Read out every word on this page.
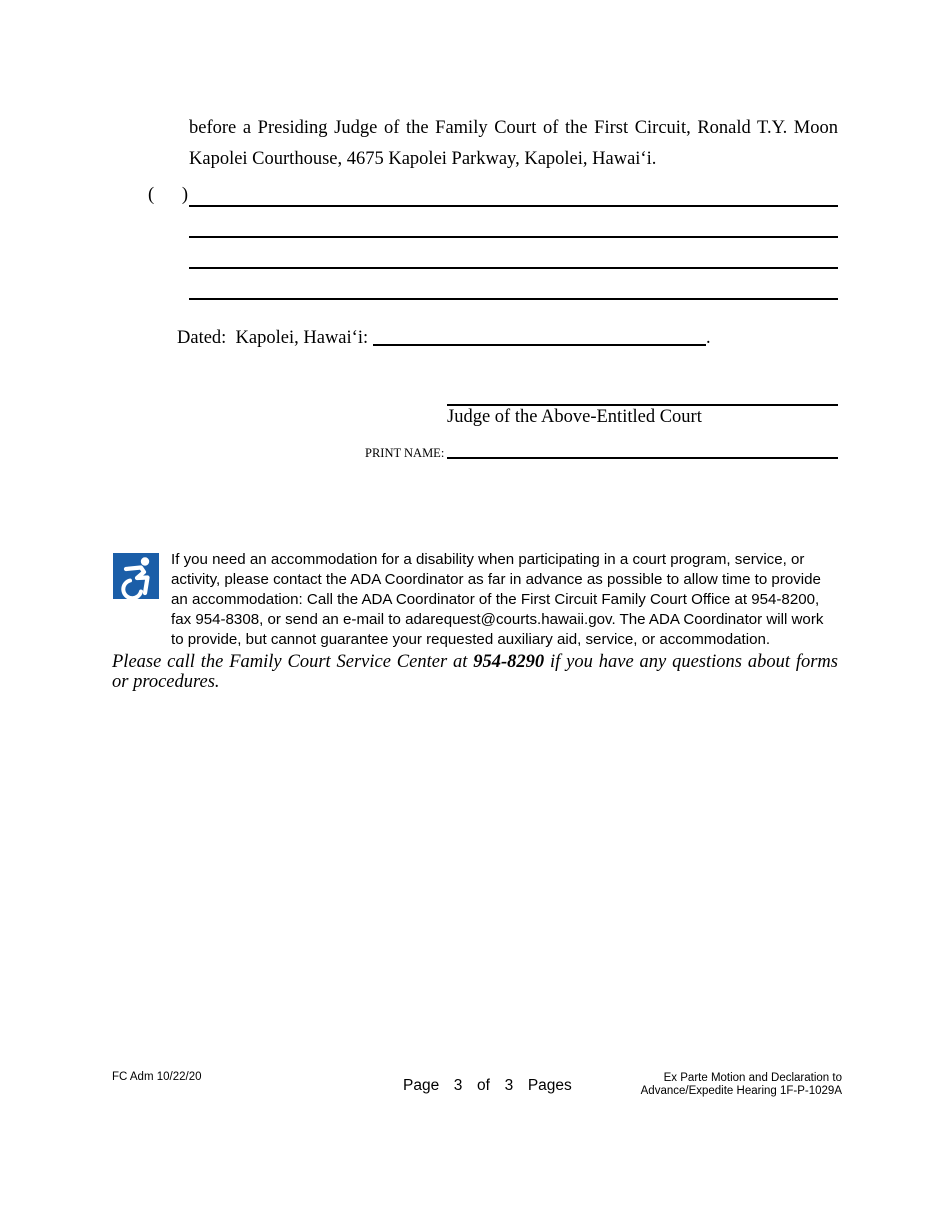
before a Presiding Judge of the Family Court of the First Circuit, Ronald T.Y. Moon Kapolei Courthouse, 4675 Kapolei Parkway, Kapolei, Hawai‘i.
(      )
Dated:  Kapolei, Hawai‘i:	.
Judge of the Above-Entitled Court
PRINT NAME:
If you need an accommodation for a disability when participating in a court program, service, or activity, please contact the ADA Coordinator as far in advance as possible to allow time to provide an accommodation: Call the ADA Coordinator of the First Circuit Family Court Office at 954-8200, fax 954-8308, or send an e-mail to adarequest@courts.hawaii.gov. The ADA Coordinator will work to provide, but cannot guarantee your requested auxiliary aid, service, or accommodation.
Please call the Family Court Service Center at 954-8290 if you have any questions about forms or procedures.
FC Adm 10/22/20	Page  3  of  3  Pages	Ex Parte Motion and Declaration to
Advance/Expedite Hearing 1F-P-1029A
